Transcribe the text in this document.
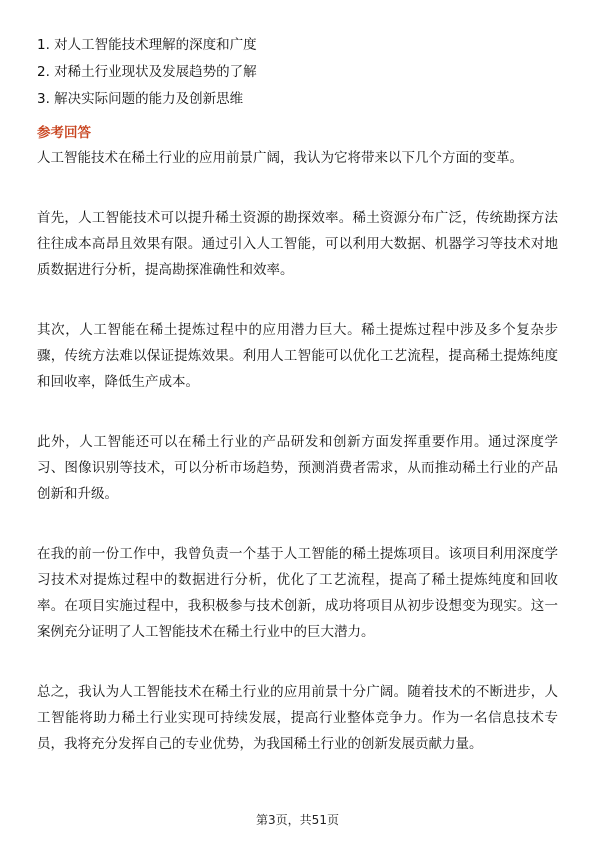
1. 对人工智能技术理解的深度和广度
2. 对稀土行业现状及发展趋势的了解
3. 解决实际问题的能力及创新思维
参考回答
人工智能技术在稀土行业的应用前景广阔，我认为它将带来以下几个方面的变革。
首先，人工智能技术可以提升稀土资源的勘探效率。稀土资源分布广泛，传统勘探方法往往成本高昂且效果有限。通过引入人工智能，可以利用大数据、机器学习等技术对地质数据进行分析，提高勘探准确性和效率。
其次，人工智能在稀土提炼过程中的应用潜力巨大。稀土提炼过程中涉及多个复杂步骤，传统方法难以保证提炼效果。利用人工智能可以优化工艺流程，提高稀土提炼纯度和回收率，降低生产成本。
此外，人工智能还可以在稀土行业的产品研发和创新方面发挥重要作用。通过深度学习、图像识别等技术，可以分析市场趋势，预测消费者需求，从而推动稀土行业的产品创新和升级。
在我的前一份工作中，我曾负责一个基于人工智能的稀土提炼项目。该项目利用深度学习技术对提炼过程中的数据进行分析，优化了工艺流程，提高了稀土提炼纯度和回收率。在项目实施过程中，我积极参与技术创新，成功将项目从初步设想变为现实。这一案例充分证明了人工智能技术在稀土行业中的巨大潜力。
总之，我认为人工智能技术在稀土行业的应用前景十分广阔。随着技术的不断进步，人工智能将助力稀土行业实现可持续发展，提高行业整体竞争力。作为一名信息技术专员，我将充分发挥自己的专业优势，为我国稀土行业的创新发展贡献力量。
第3页，共51页
